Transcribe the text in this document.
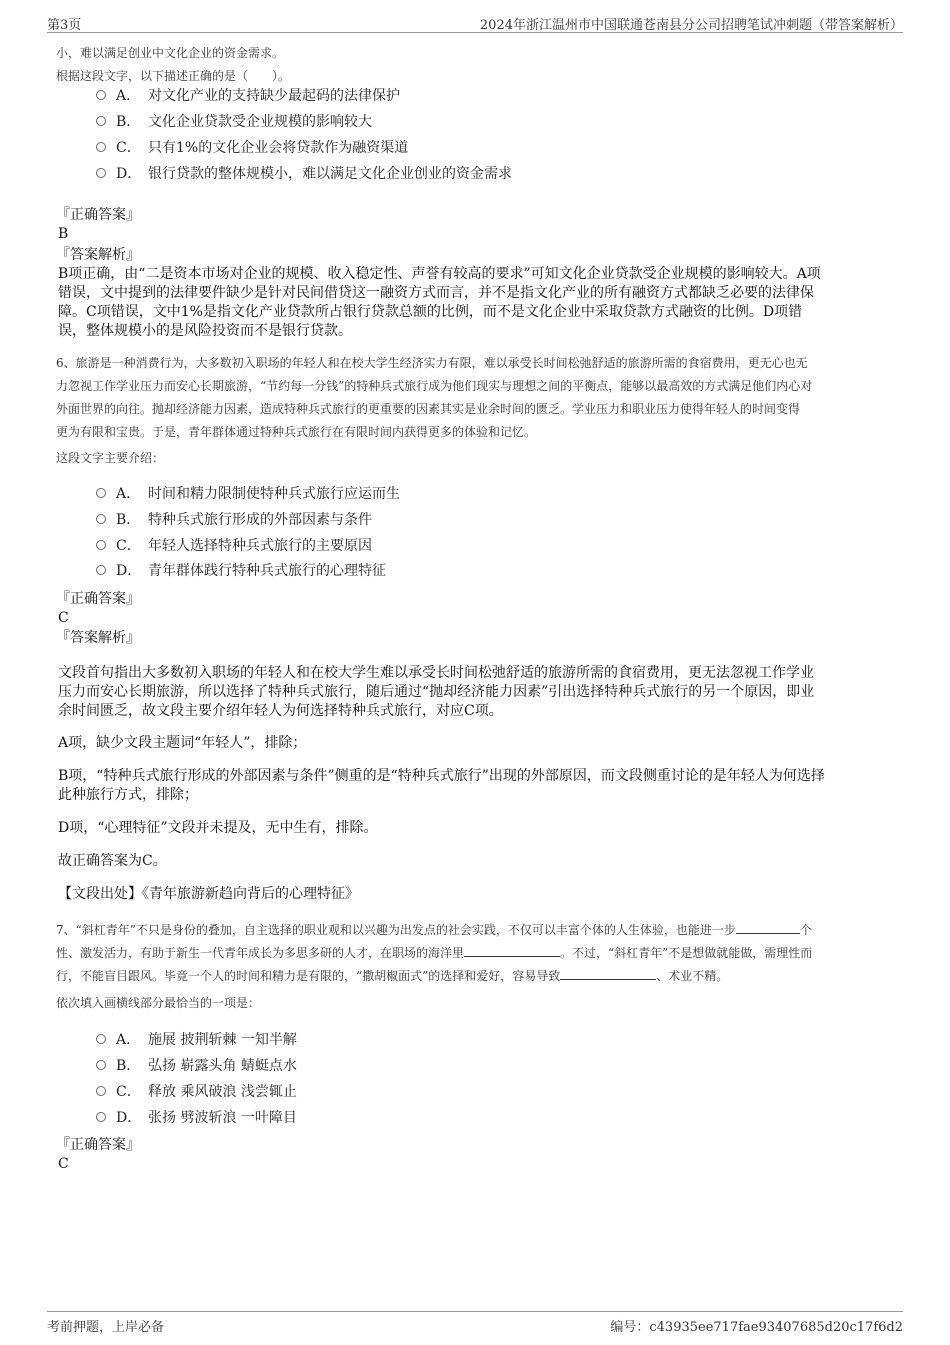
第3页	2024年浙江温州市中国联通苍南县分公司招聘笔试冲刺题（带答案解析）
小，难以满足创业中文化企业的资金需求。
根据这段文字，以下描述正确的是（　　）。
A． 对文化产业的支持缺少最起码的法律保护
B． 文化企业贷款受企业规模的影响较大
C． 只有1%的文化企业会将贷款作为融资渠道
D． 银行贷款的整体规模小，难以满足文化企业创业的资金需求
『正确答案』
B
『答案解析』
B项正确，由“二是资本市场对企业的规模、收入稳定性、声誉有较高的要求”可知文化企业贷款受企业规模的影响较大。A项
错误，文中提到的法律要件缺少是针对民间借贷这一融资方式而言，并不是指文化产业的所有融资方式都缺乏必要的法律保
障。C项错误，文中1%是指文化产业贷款所占银行贷款总额的比例，而不是文化企业中采取贷款方式融资的比例。D项错
误，整体规模小的是风险投资而不是银行贷款。
6、旅游是一种消费行为，大多数初入职场的年轻人和在校大学生经济实力有限，难以承受长时间松弛舒适的旅游所需的食宿费用，更无心也无
力忽视工作学业压力而安心长期旅游，“节约每一分钱”的特种兵式旅行成为他们现实与理想之间的平衡点，能够以最高效的方式满足他们内心对
外面世界的向往。抛却经济能力因素，造成特种兵式旅行的更重要的因素其实是业余时间的匮乏。学业压力和职业压力使得年轻人的时间变得
更为有限和宝贵。于是，青年群体通过特种兵式旅行在有限时间内获得更多的体验和记忆。
这段文字主要介绍：
A． 时间和精力限制使特种兵式旅行应运而生
B． 特种兵式旅行形成的外部因素与条件
C． 年轻人选择特种兵式旅行的主要原因
D． 青年群体践行特种兵式旅行的心理特征
『正确答案』
C
『答案解析』
文段首句指出大多数初入职场的年轻人和在校大学生难以承受长时间松弛舒适的旅游所需的食宿费用，更无法忽视工作学业
压力而安心长期旅游，所以选择了特种兵式旅行，随后通过“抛却经济能力因素”引出选择特种兵式旅行的另一个原因，即业
余时间匮乏，故文段主要介绍年轻人为何选择特种兵式旅行，对应C项。
A项，缺少文段主题词“年轻人”，排除；
B项，“特种兵式旅行形成的外部因素与条件”侧重的是“特种兵式旅行”出现的外部原因，而文段侧重讨论的是年轻人为何选择
此种旅行方式，排除；
D项，“心理特征”文段并未提及，无中生有，排除。
故正确答案为C。
【文段出处】《青年旅游新趋向背后的心理特征》
7、“斜杠青年”不只是身份的叠加，自主选择的职业观和以兴趣为出发点的社会实践，不仅可以丰富个体的人生体验，也能进一步	个
性、激发活力，有助于新生一代青年成长为多思多研的人才，在职场的海洋里	。不过，“斜杠青年”不是想做就能做，需理性而
行，不能盲目跟风。毕竟一个人的时间和精力是有限的，“撒胡椒面式”的选择和爱好，容易导致	、术业不精。
依次填入画横线部分最恰当的一项是：
A． 施展 披荆斩棘 一知半解
B． 弘扬 崭露头角 蜻蜓点水
C． 释放 乘风破浪 浅尝辄止
D． 张扬 劈波斩浪 一叶障目
『正确答案』
C
考前押题，上岸必备	编号：c43935ee717fae93407685d20c17f6d2
